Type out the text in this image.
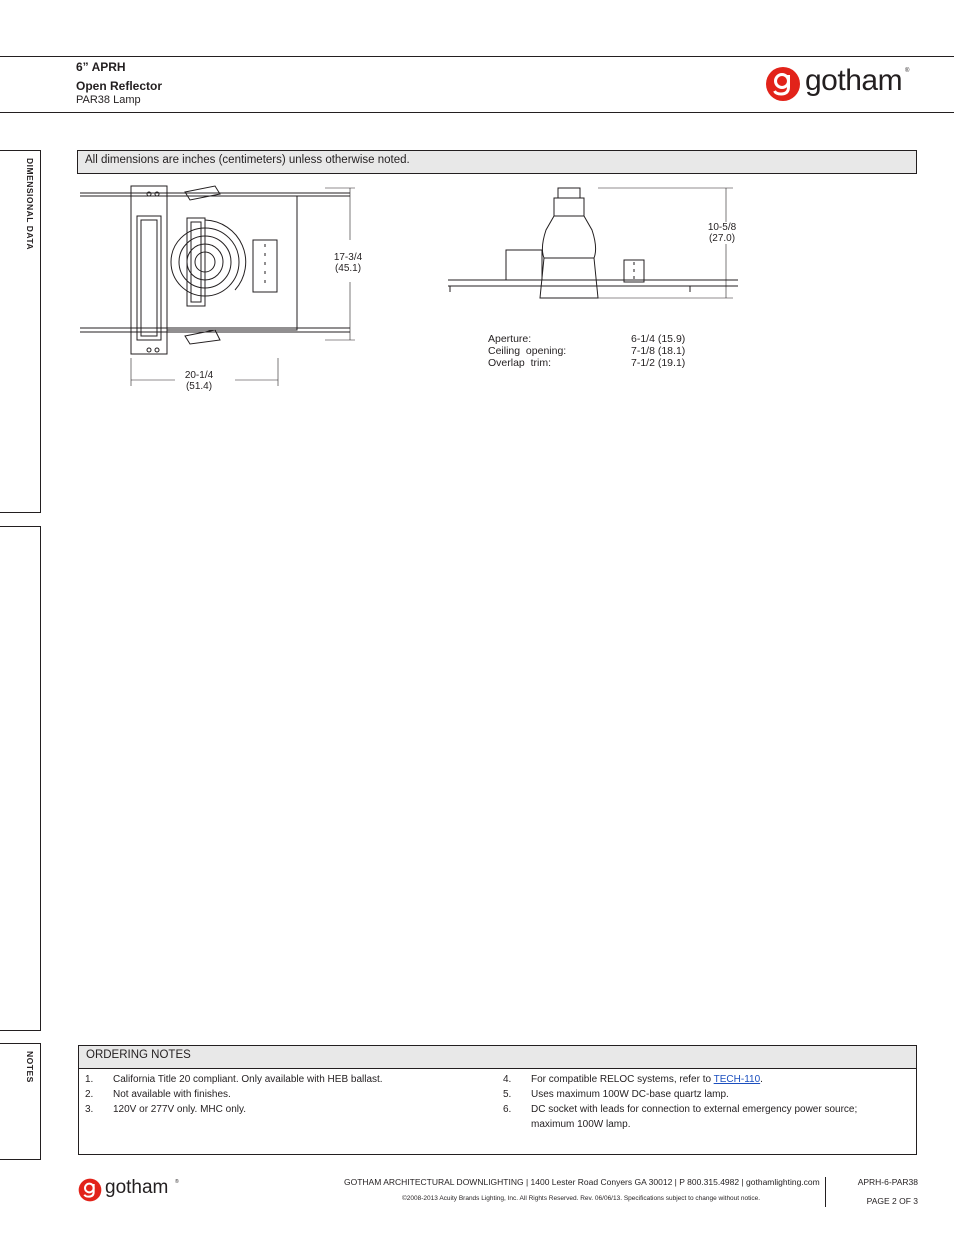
6” APRH
Open Reflector
PAR38 Lamp
gotham ®
DIMENSIONAL DATA
NOTES
All dimensions are inches (centimeters) unless otherwise noted.
17-3/4
(45.1)
20-1/4
(51.4)
10-5/8
(27.0)
Aperture:	6-1/4 (15.9)
Ceiling  opening:	7-1/8 (18.1)
Overlap  trim:	7-1/2 (19.1)
ORDERING NOTES
1. California Title 20 compliant. Only available with HEB ballast.
2. Not available with finishes.
3. 120V or 277V only. MHC only.
4. For compatible RELOC systems, refer to TECH-110.
5. Uses maximum 100W DC-base quartz lamp.
6. DC socket with leads for connection to external emergency power source; maximum 100W lamp.
gotham ®	GOTHAM ARCHITECTURAL DOWNLIGHTING | 1400 Lester Road Conyers GA 30012 | P 800.315.4982 | gothamlighting.com
©2008-2013 Acuity Brands Lighting, Inc. All Rights Reserved. Rev. 06/06/13. Specifications subject to change without notice.
APRH-6-PAR38
PAGE 2 OF 3
